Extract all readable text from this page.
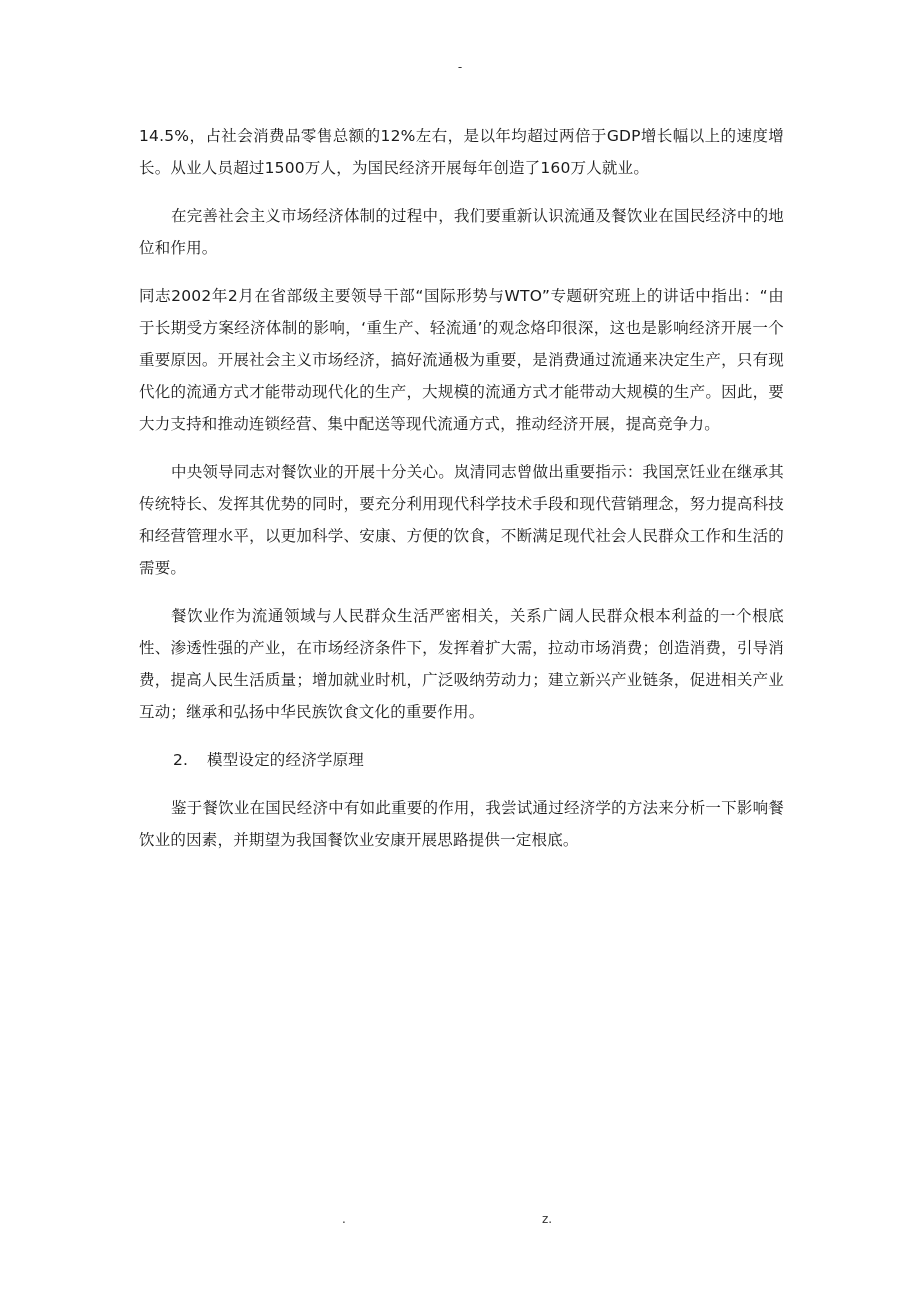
-

14.5%，占社会消费品零售总额的12%左右，是以年均超过两倍于GDP增长幅以上的速度增长。从业人员超过1500万人，为国民经济开展每年创造了160万人就业。

在完善社会主义市场经济体制的过程中，我们要重新认识流通及餐饮业在国民经济中的地位和作用。

同志2002年2月在省部级主要领导干部“国际形势与WTO”专题研究班上的讲话中指出：“由于长期受方案经济体制的影响，‘重生产、轻流通’的观念烙印很深，这也是影响经济开展一个重要原因。开展社会主义市场经济，搞好流通极为重要，是消费通过流通来决定生产，只有现代化的流通方式才能带动现代化的生产，大规模的流通方式才能带动大规模的生产。因此，要大力支持和推动连锁经营、集中配送等现代流通方式，推动经济开展，提高竞争力。

中央领导同志对餐饮业的开展十分关心。岚清同志曾做出重要指示：我国烹饪业在继承其传统特长、发挥其优势的同时，要充分利用现代科学技术手段和现代营销理念，努力提高科技和经营管理水平，以更加科学、安康、方便的饮食，不断满足现代社会人民群众工作和生活的需要。

餐饮业作为流通领域与人民群众生活严密相关，关系广阔人民群众根本利益的一个根底性、渗透性强的产业，在市场经济条件下，发挥着扩大需，拉动市场消费；创造消费，引导消费，提高人民生活质量；增加就业时机，广泛吸纳劳动力；建立新兴产业链条，促进相关产业互动；继承和弘扬中华民族饮食文化的重要作用。

2. 模型设定的经济学原理

鉴于餐饮业在国民经济中有如此重要的作用，我尝试通过经济学的方法来分析一下影响餐饮业的因素，并期望为我国餐饮业安康开展思路提供一定根底。

.	z.
